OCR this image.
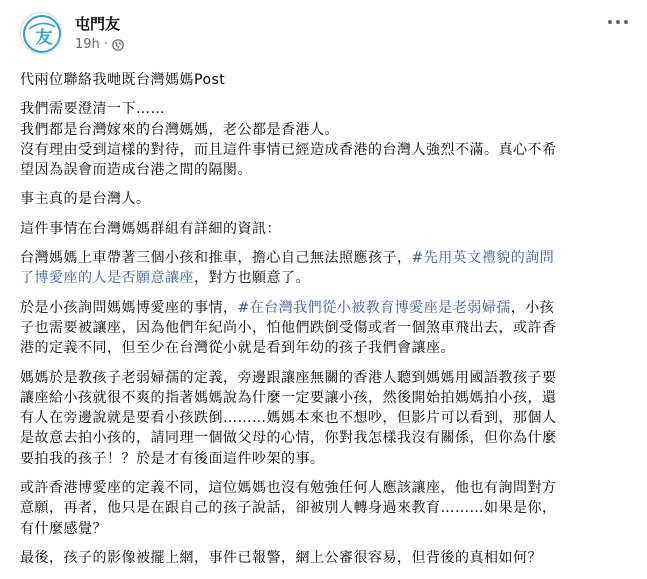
友
屯門友
19h ·

代兩位聯絡我哋既台灣媽媽Post

我們需要澄清一下……
我們都是台灣嫁來的台灣媽媽，老公都是香港人。
沒有理由受到這樣的對待，而且這件事情已經造成香港的台灣人強烈不滿。真心不希
望因為誤會而造成台港之間的隔閡。

事主真的是台灣人。

這件事情在台灣媽媽群組有詳細的資訊：

台灣媽媽上車帶著三個小孩和推車，擔心自己無法照應孩子，#先用英文禮貌的詢問
了博愛座的人是否願意讓座，對方也願意了。

於是小孩詢問媽媽博愛座的事情，#在台灣我們從小被教育博愛座是老弱婦孺，小孩
子也需要被讓座，因為他們年紀尚小，怕他們跌倒受傷或者一個煞車飛出去，或許香
港的定義不同，但至少在台灣從小就是看到年幼的孩子我們會讓座。

媽媽於是教孩子老弱婦孺的定義，旁邊跟讓座無關的香港人聽到媽媽用國語教孩子要
讓座給小孩就很不爽的指著媽媽說為什麼一定要讓小孩，然後開始拍媽媽拍小孩，還
有人在旁邊說就是要看小孩跌倒………媽媽本來也不想吵，但影片可以看到，那個人
是故意去拍小孩的，請同理一個做父母的心情，你對我怎樣我沒有關係，但你為什麼
要拍我的孩子！？於是才有後面這件吵架的事。

或許香港博愛座的定義不同，這位媽媽也沒有勉強任何人應該讓座，他也有詢問對方
意願，再者，他只是在跟自己的孩子說話，卻被別人轉身過來教育………如果是你，
有什麼感覺？

最後，孩子的影像被擺上網，事件已報警，網上公審很容易，但背後的真相如何？
